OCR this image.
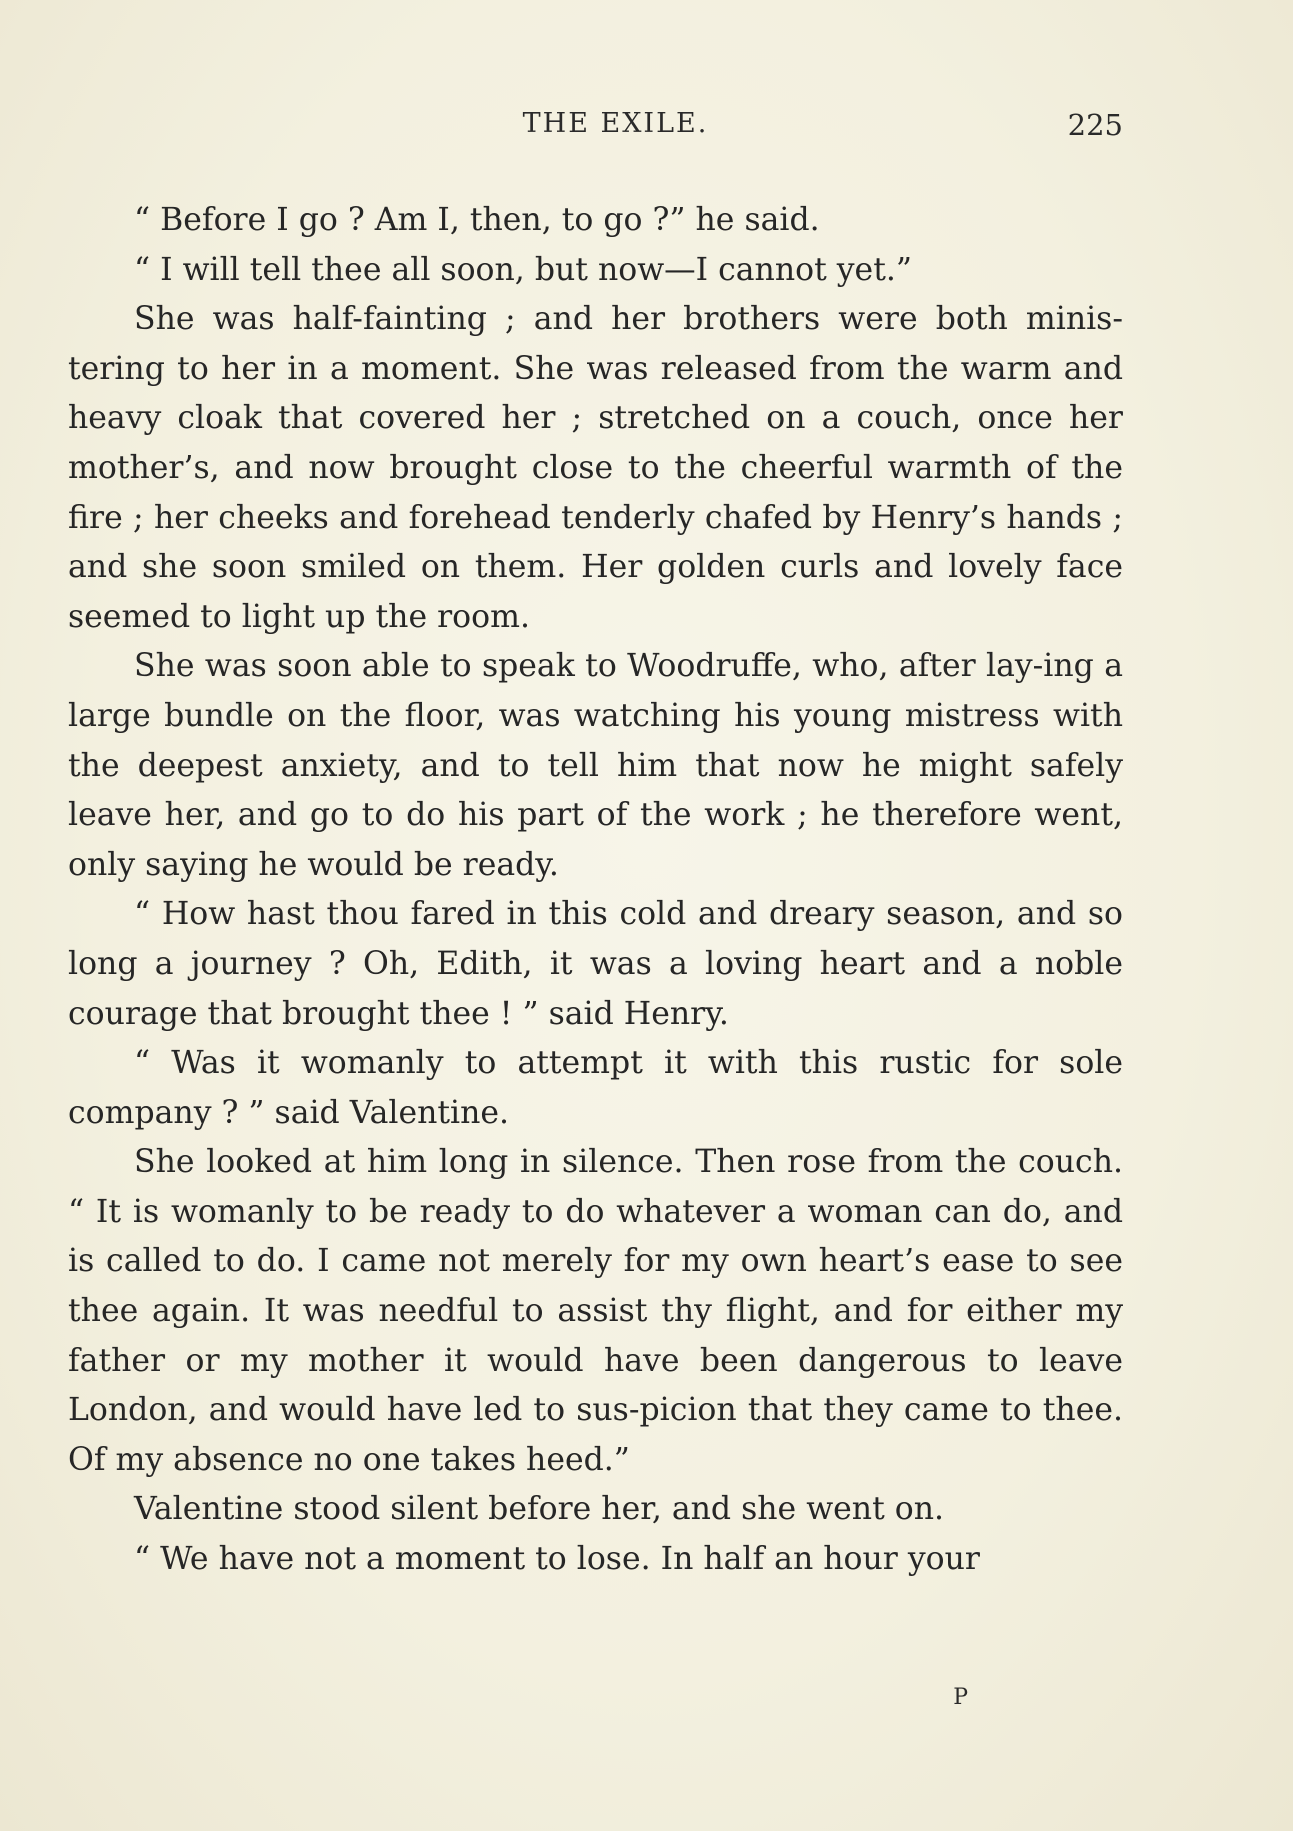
THE EXILE.	225

“ Before I go ? Am I, then, to go ?” he said.

“ I will tell thee all soon, but now—I cannot yet.”

She was half-fainting ; and her brothers were both minis-tering to her in a moment. She was released from the warm and heavy cloak that covered her ; stretched on a couch, once her mother’s, and now brought close to the cheerful warmth of the fire ; her cheeks and forehead tenderly chafed by Henry’s hands ; and she soon smiled on them. Her golden curls and lovely face seemed to light up the room.

She was soon able to speak to Woodruffe, who, after lay-ing a large bundle on the floor, was watching his young mistress with the deepest anxiety, and to tell him that now he might safely leave her, and go to do his part of the work ; he therefore went, only saying he would be ready.

“ How hast thou fared in this cold and dreary season, and so long a journey ? Oh, Edith, it was a loving heart and a noble courage that brought thee ! ” said Henry.

“ Was it womanly to attempt it with this rustic for sole company ? ” said Valentine.

She looked at him long in silence. Then rose from the couch. “ It is womanly to be ready to do whatever a woman can do, and is called to do. I came not merely for my own heart’s ease to see thee again. It was needful to assist thy flight, and for either my father or my mother it would have been dangerous to leave London, and would have led to sus-picion that they came to thee. Of my absence no one takes heed.”

Valentine stood silent before her, and she went on.

“ We have not a moment to lose. In half an hour your

P
